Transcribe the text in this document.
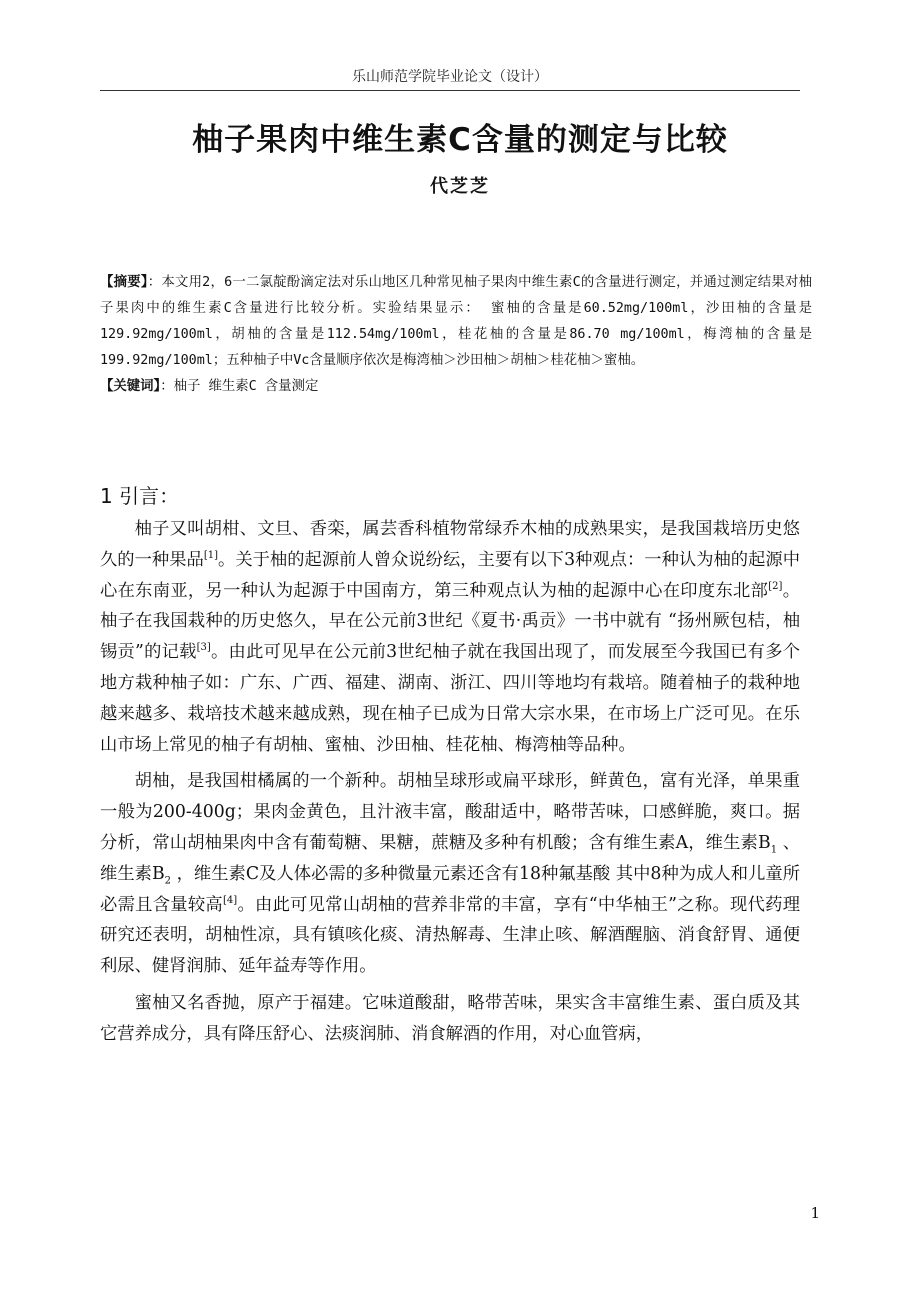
乐山师范学院毕业论文（设计）
柚子果肉中维生素C含量的测定与比较
代芝芝

【摘要】：本文用2，6一二氯靛酚滴定法对乐山地区几种常见柚子果肉中维生素C的含量进行测定，并通过测定结果对柚子果肉中的维生素C含量进行比较分析。实验结果显示： 蜜柚的含量是60.52mg/100ml，沙田柚的含量是129.92mg/100ml，胡柚的含量是112.54mg/100ml，桂花柚的含量是86.70 mg/100ml，梅湾柚的含量是199.92mg/100ml；五种柚子中Vc含量顺序依次是梅湾柚＞沙田柚＞胡柚＞桂花柚＞蜜柚。

【关键词】：柚子 维生素C 含量测定

1 引言：

柚子又叫胡柑、文旦、香栾，属芸香科植物常绿乔木柚的成熟果实，是我国栽培历史悠久的一种果品[1]。关于柚的起源前人曾众说纷纭，主要有以下3种观点：一种认为柚的起源中心在东南亚，另一种认为起源于中国南方，第三种观点认为柚的起源中心在印度东北部[2]。柚子在我国栽种的历史悠久，早在公元前3世纪《夏书·禹贡》一书中就有 “扬州厥包桔，柚锡贡”的记载[3]。由此可见早在公元前3世纪柚子就在我国出现了，而发展至今我国已有多个地方栽种柚子如：广东、广西、福建、湖南、浙江、四川等地均有栽培。随着柚子的栽种地越来越多、栽培技术越来越成熟，现在柚子已成为日常大宗水果，在市场上广泛可见。在乐山市场上常见的柚子有胡柚、蜜柚、沙田柚、桂花柚、梅湾柚等品种。

胡柚，是我国柑橘属的一个新种。胡柚呈球形或扁平球形，鲜黄色，富有光泽，单果重一般为200-400g；果肉金黄色，且汁液丰富，酸甜适中，略带苦味，口感鲜脆，爽口。据分析，常山胡柚果肉中含有葡萄糖、果糖，蔗糖及多种有机酸；含有维生素A，维生素$B_1$ 、维生素$B_2$ ，维生素C及人体必需的多种微量元素还含有18种氟基酸 其中8种为成人和儿童所必需且含量较高[4]。由此可见常山胡柚的营养非常的丰富，享有“中华柚王”之称。现代药理研究还表明，胡柚性凉，具有镇咳化痰、清热解毒、生津止咳、解酒醒脑、消食舒胃、通便利尿、健肾润肺、延年益寿等作用。

蜜柚又名香抛，原产于福建。它味道酸甜，略带苦味，果实含丰富维生素、蛋白质及其它营养成分，具有降压舒心、法痰润肺、消食解酒的作用，对心血管病，

1
